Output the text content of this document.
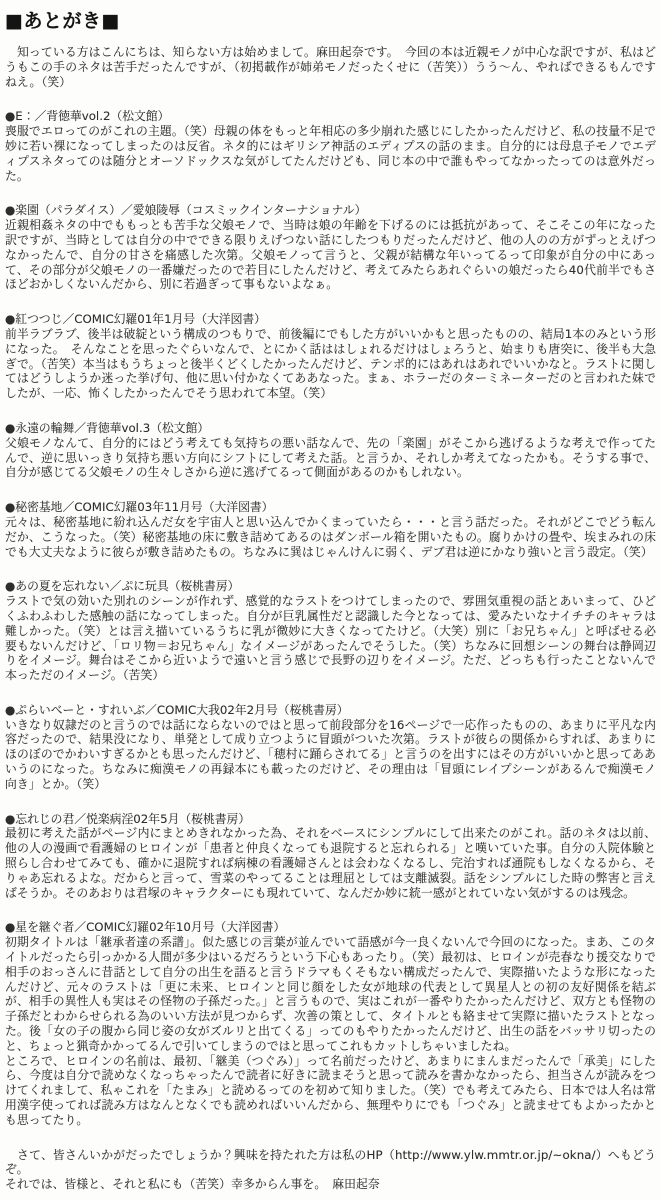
■あとがき■

　知っている方はこんにちは、知らない方は始めまして。麻田起奈です。　今回の本は近親モノが中心な訳ですが、私はどうもこの手のネタは苦手だったんですが、（初掲載作が姉弟モノだったくせに（苦笑））うう～ん、やればできるもんですねえ。（笑）

●E：／背徳華vol.2（松文館）

喪服でエロってのがこれの主題。（笑）母親の体をもっと年相応の多少崩れた感じにしたかったんだけど、私の技量不足で妙に若い裸になってしまったのは反省。ネタ的にはギリシア神話のエディプスの話のまま。自分的には母息子モノでエディプスネタってのは随分とオーソドックスな気がしてたんだけども、同じ本の中で誰もやってなかったってのは意外だった。

●楽園（パラダイス）／愛娘陵辱（コスミックインターナショナル）

近親相姦ネタの中でももっとも苦手な父娘モノで、当時は娘の年齢を下げるのには抵抗があって、そこそこの年になった訳ですが、当時としては自分の中でできる限りえげつない話にしたつもりだったんだけど、他の人のの方がずっとえげつなかったんで、自分の甘さを痛感した次第。父娘モノって言うと、父親が結構な年いってるって印象が自分の中にあって、その部分が父娘モノの一番嫌だったので若目にしたんだけど、考えてみたらあれぐらいの娘だったら40代前半でもさほどおかしくないんだから、別に若過ぎって事もないよなぁ。

●紅つつじ／COMIC幻羅01年1月号（大洋図書）

前半ラブラブ、後半は破綻という構成のつもりで、前後編にでもした方がいいかもと思ったものの、結局1本のみという形になった。　そんなことを思ったぐらいなんで、とにかく話ははしょれるだけはしょろうと、始まりも唐突に、後半も大急ぎで。（苦笑）本当はもうちょっと後半くどくしたかったんだけど、テンポ的にはあれはあれでいいかなと。ラストに関してはどうしようか迷った挙げ句、他に思い付かなくてああなった。まぁ、ホラーだのターミネーターだのと言われた妹でしたが、一応、怖くしたかったんでそう思われて本望。（笑）

●永遠の輪舞／背徳華vol.3（松文館）

父娘モノなんて、自分的にはどう考えても気持ちの悪い話なんで、先の「楽園」がそこから逃げるような考えで作ってたんで、逆に思いっきり気持ち悪い方向にシフトにして考えた話。と言うか、それしか考えてなったかも。そうする事で、自分が感じてる父娘モノの生々しさから逆に逃げてるって側面があるのかもしれない。

●秘密基地／COMIC幻羅03年11月号（大洋図書）

元々は、秘密基地に紛れ込んだ女を宇宙人と思い込んでかくまっていたら・・・と言う話だった。それがどこでどう転んだか、こうなった。（笑）秘密基地の床に敷き詰めてあるのはダンボール箱を開いたもの。腐りかけの畳や、埃まみれの床でも大丈夫なように彼らが敷き詰めたもの。ちなみに巽はじゃんけんに弱く、デブ君は逆にかなり強いと言う設定。（笑）

●あの夏を忘れない／ぷに玩具（桜桃書房）

ラストで気の効いた別れのシーンが作れず、感覚的なラストをつけてしまったので、雰囲気重視の話とあいまって、ひどくふわふわした感触の話になってしまった。自分が巨乳属性だと認識した今となっては、愛みたいなナイチチのキャラは難しかった。（笑）とは言え描いているうちに乳が微妙に大きくなってたけど。（大笑）別に「お兄ちゃん」と呼ばせる必要もないんだけど、「ロリ物＝お兄ちゃん」なイメージがあったんでそうした。（笑）ちなみに回想シーンの舞台は静岡辺りをイメージ。舞台はそこから近いようで遠いと言う感じで長野の辺りをイメージ。ただ、どっちも行ったことないんで本っただのイメージ。（苦笑）

●ぷらいべーと・すれいぶ／COMIC大我02年2月号（桜桃書房）

いきなり奴隷だのと言うのでは話にならないのではと思って前段部分を16ページで一応作ったものの、あまりに平凡な内容だったので、結果没になり、単発として成り立つように冒頭がついた次第。ラストが彼らの関係からすれば、あまりにほのぼのでかわいすぎるかとも思ったんだけど、「穂村に踊らされてる」と言うのを出すにはその方がいいかと思ってああいうのになった。ちなみに痴漢モノの再録本にも載ったのだけど、その理由は「冒頭にレイプシーンがあるんで痴漢モノ向き」とか。（笑）

●忘れじの君／悦楽病淫02年5月（桜桃書房）

最初に考えた話がページ内にまとめきれなかった為、それをベースにシンプルにして出来たのがこれ。話のネタは以前、他の人の漫画で看護婦のヒロインが「患者と仲良くなっても退院すると忘れられる」と嘆いていた事。自分の入院体験と照らし合わせてみても、確かに退院すれば病棟の看護婦さんとは会わなくなるし、完治すれば通院もしなくなるから、そりゃあ忘れるよな。だからと言って、雪菜のやってることは理屈としては支離滅裂。話をシンプルにした時の弊害と言えばそうか。そのあおりは君塚のキャラクターにも現れていて、なんだか妙に統一感がとれていない気がするのは残念。

●星を継ぐ者／COMIC幻羅02年10月号（大洋図書）

初期タイトルは「継承者達の系譜」。似た感じの言葉が並んでいて語感が今一良くないんで今回のになった。まあ、このタイトルだったら引っかかる人間が多少はいるだろうという下心もあったり。（笑）最初は、ヒロインが売春なり援交なりで相手のおっさんに昔話として自分の出生を語ると言うドラマもくそもない構成だったんで、実際描いたような形になったんだけど、元々のラストは「更に未来、ヒロインと同じ顔をした女が地球の代表として異星人との初の友好関係を結ぶが、相手の異性人も実はその怪物の子孫だった。」と言うもので、実はこれが一番やりたかったんだけど、双方とも怪物の子孫だとわからせられる為のいい方法が見つからず、次善の策として、タイトルとも絡ませて実際に描いたラストとなった。後「女の子の腹から同じ姿の女がズルリと出てくる」ってのもやりたかったんだけど、出生の話をバッサリ切ったのと、ちょっと猟奇かかってるんで引いてしまうのではと思ってこれもカットしちゃいましたね。

ところで、ヒロインの名前は、最初、「継美（つぐみ）」って名前だったけど、あまりにまんまだったんで「承美」にしたら、今度は自分で読めなくなっちゃったんで読者に好きに読まそうと思って読みを書かなかったら、担当さんが読みをつけてくれまして、私ゃこれを「たまみ」と読めるってのを初めて知りました。（笑）でも考えてみたら、日本では人名は常用漢字使ってれば読み方はなんとなくでも読めればいいんだから、無理やりにでも「つぐみ」と読ませてもよかったかとも思ってたり。

　さて、皆さんいかがだったでしょうか？興味を持たれた方は私のHP（http://www.ylw.mmtr.or.jp/~okna/）へもどうぞ。

それでは、皆様と、それと私にも（苦笑）幸多からん事を。　麻田起奈
